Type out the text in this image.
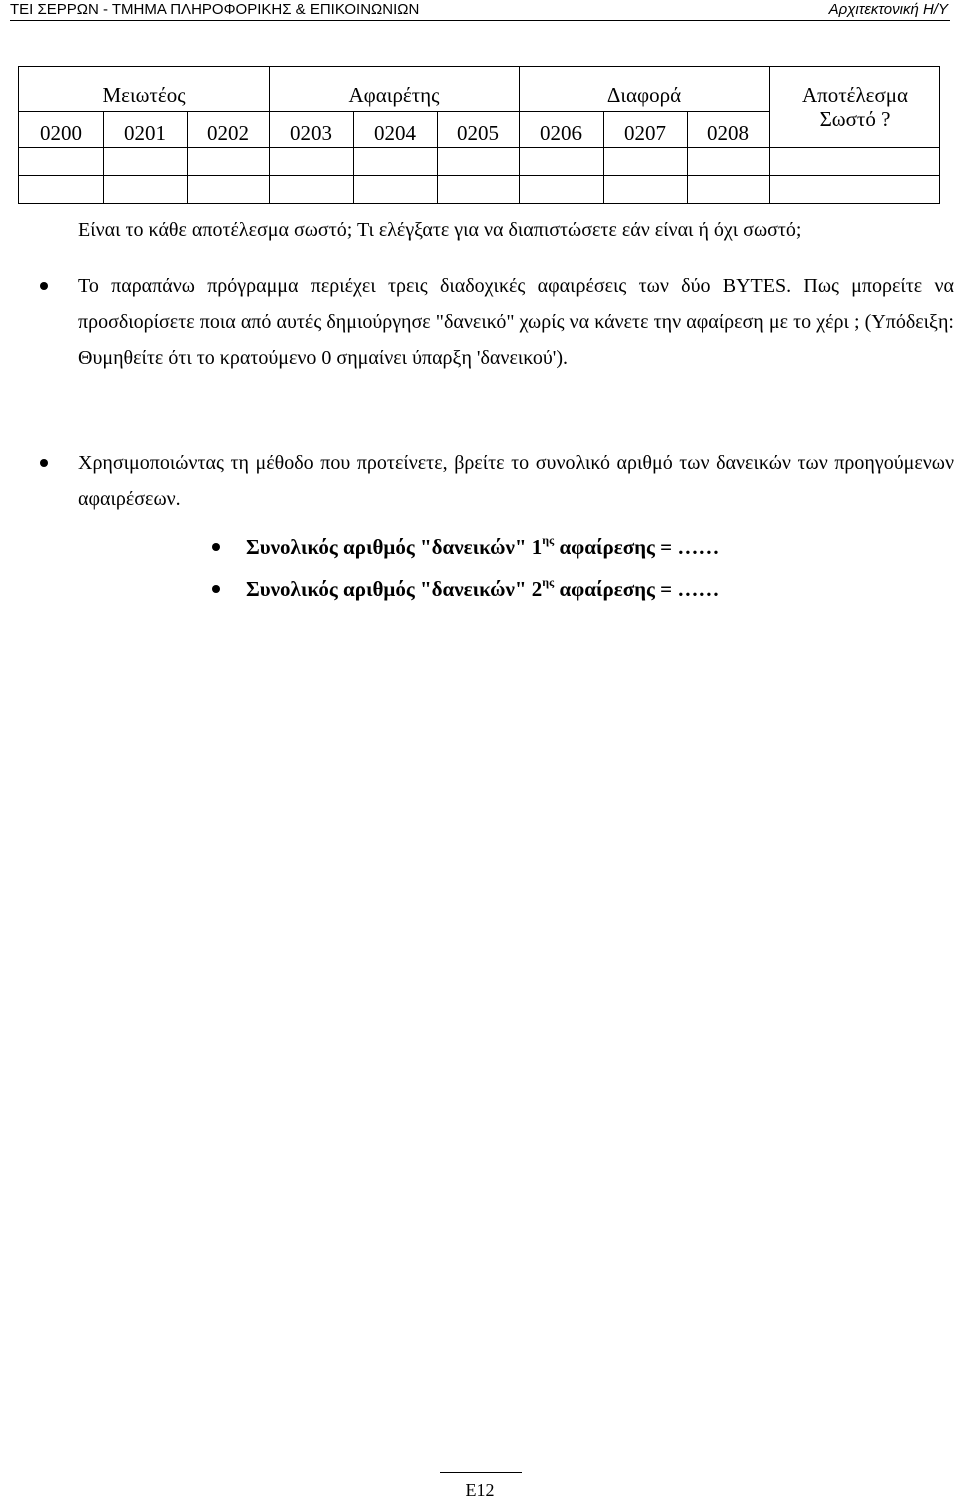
ΤΕΙ ΣΕΡΡΩΝ - ΤΜΗΜΑ ΠΛΗΡΟΦΟΡΙΚΗΣ & ΕΠΙΚΟΙΝΩΝΙΩΝ	Αρχιτεκτονική Η/Υ
Μειωτέος	Αφαιρέτης	Διαφορά	Αποτέλεσμα
Σωστό ?
0200	0201	0202	0203	0204	0205	0206	0207	0208
Είναι το κάθε αποτέλεσμα σωστό; Τι ελέγξατε για να διαπιστώσετε εάν είναι ή όχι σωστό;
Το παραπάνω πρόγραμμα περιέχει τρεις διαδοχικές αφαιρέσεις των δύο BYTES. Πως μπορείτε να προσδιορίσετε ποια από αυτές δημιούργησε "δανεικό" χωρίς να κάνετε την αφαίρεση με το χέρι ; (Υπόδειξη: Θυμηθείτε ότι το κρατούμενο 0 σημαίνει ύπαρξη 'δανεικού').
Χρησιμοποιώντας τη μέθοδο που προτείνετε, βρείτε το συνολικό αριθμό των δανεικών των προηγούμενων αφαιρέσεων.
Συνολικός αριθμός "δανεικών" $1^{\eta\varsigma}$ αφαίρεσης = ……
Συνολικός αριθμός "δανεικών" $2^{\eta\varsigma}$ αφαίρεσης = ……
E12
